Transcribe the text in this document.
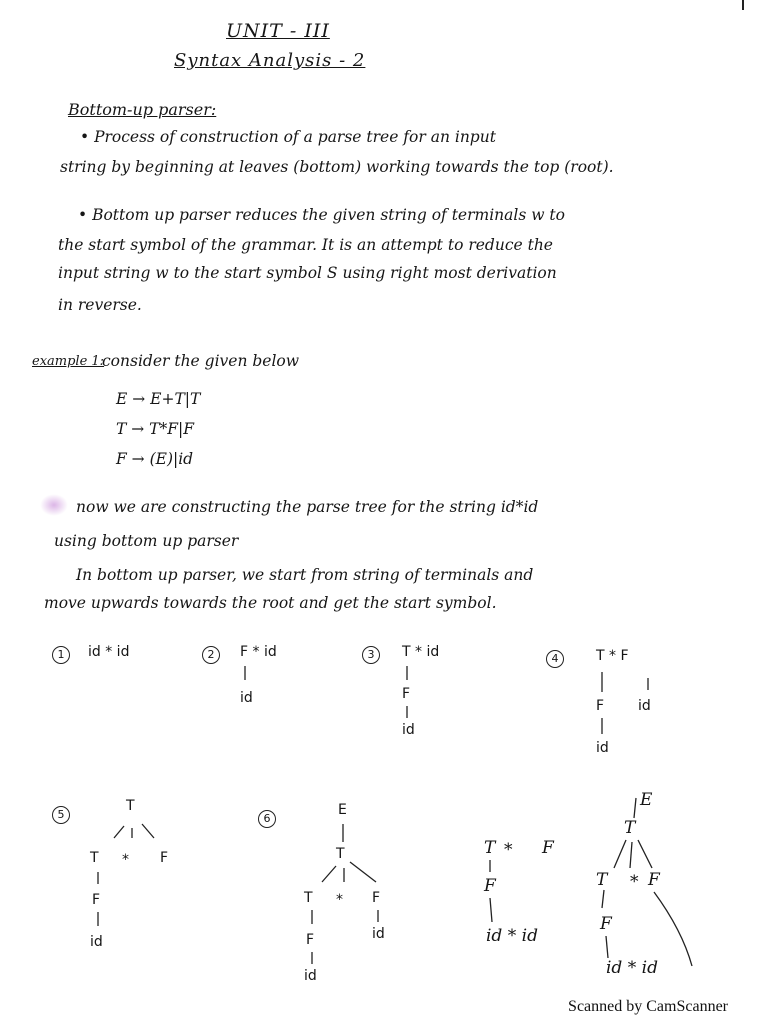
UNIT - III
Syntax Analysis - 2
Bottom-up parser:
• Process of construction of a parse tree for an input
string by beginning at leaves (bottom) working towards the top (root).
• Bottom up parser reduces the given string of terminals w to
the start symbol of the grammar. It is an attempt to reduce the
input string w to the start symbol S using right most derivation
in reverse.
example 1:
consider the given below
E → E+T|T
T → T*F|F
F → (E)|id
now we are constructing the parse tree for the string id*id
using bottom up parser
In bottom up parser, we start from string of terminals and
move upwards towards the root and get the start symbol.
1	id * id	2	F * id
id
3	T * id
F
id
4	T * F
F id
id
5
T
T * F
F
id
6
E
T
T * F
F	id
id
T * F
F
id * id
E
T
T * F
F
id * id
Scanned by CamScanner
